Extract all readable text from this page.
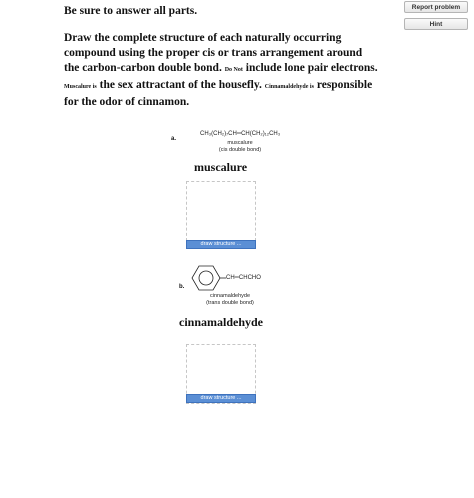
Report problem
Hint

Be sure to answer all parts.

Draw the complete structure of each naturally occurring compound using the proper cis or trans arrangement around the carbon-carbon double bond. Do Not include lone pair electrons. Muscalure is the sex attractant of the housefly. Cinnamaldehyde is responsible for the odor of cinnamon.

a.
CH₃(CH₂)₇CH═CH(CH₂)₁₂CH₃
muscalure
(cis double bond)
muscalure
draw structure ...
b.
CH═CHCHO
cinnamaldehyde
(trans double bond)
cinnamaldehyde
draw structure ...
